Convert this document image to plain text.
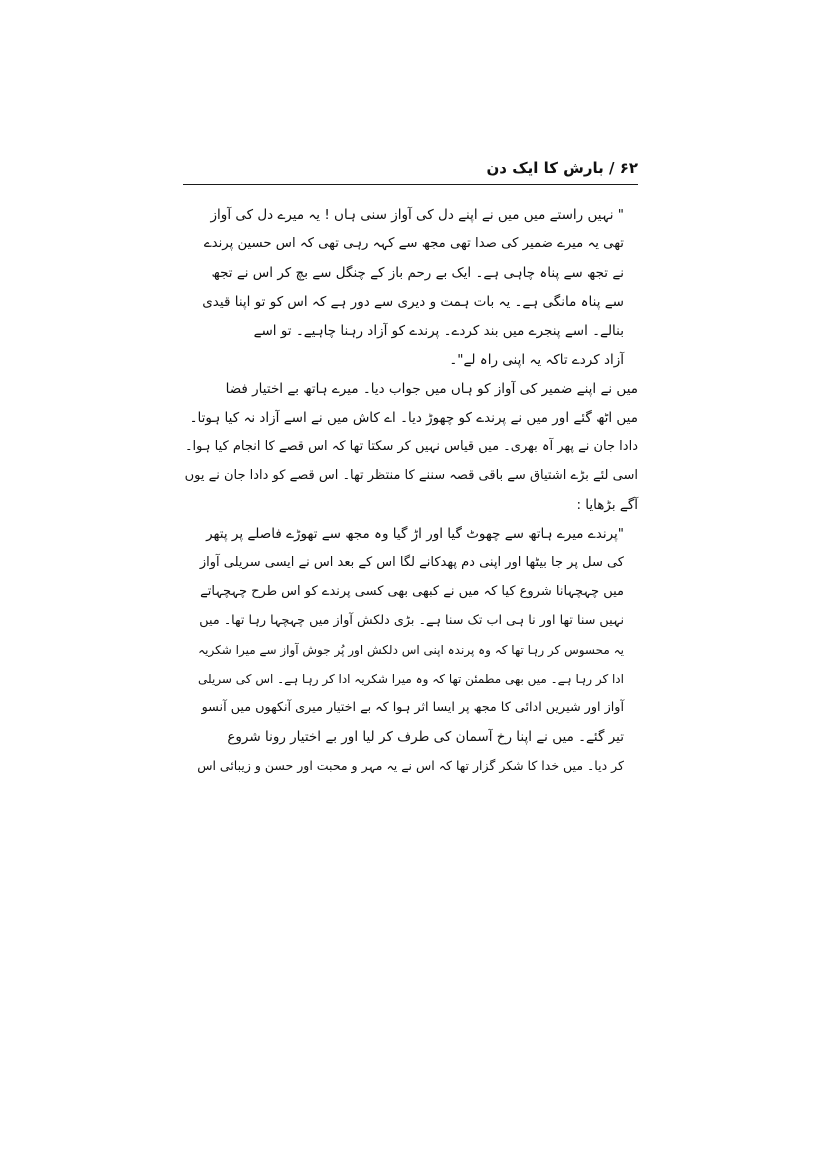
۶۲ / بارش کا ایک دن
" نہیں راستے میں میں نے اپنے دل کی آواز سنی ہاں ! یہ میرے دل کی آواز
تھی یہ میرے ضمیر کی صدا تھی مجھ سے کہہ رہی تھی کہ اس حسین پرندے
نے تجھ سے پناہ چاہی ہے۔ ایک بے رحم باز کے چنگل سے بچ کر اس نے تجھ
سے پناہ مانگی ہے۔ یہ بات ہمت و دیری سے دور ہے کہ اس کو تو اپنا قیدی
بنالے۔ اسے پنجرے میں بند کردے۔ پرندے کو آزاد رہنا چاہیے۔ تو اسے
آزاد کردے تاکہ یہ اپنی راہ لے"۔
میں نے اپنے ضمیر کی آواز کو ہاں میں جواب دیا۔ میرے ہاتھ بے اختیار فضا
میں اٹھ گئے اور میں نے پرندے کو چھوڑ دیا۔ اے کاش میں نے اسے آزاد نہ کیا ہوتا۔
دادا جان نے پھر آہ بھری۔ میں قیاس نہیں کر سکتا تھا کہ اس قصے کا انجام کیا ہوا۔
اسی لئے بڑے اشتیاق سے باقی قصہ سننے کا منتظر تھا۔ اس قصے کو دادا جان نے یوں
آگے بڑھایا :
"پرندے میرے ہاتھ سے چھوٹ گیا اور اڑ گیا وہ مجھ سے تھوڑے فاصلے پر پتھر
کی سل پر جا بیٹھا اور اپنی دم پھدکانے لگا اس کے بعد اس نے ایسی سریلی آواز
میں چہچہانا شروع کیا کہ میں نے کبھی بھی کسی پرندے کو اس طرح چہچہاتے
نہیں سنا تھا اور نا ہی اب تک سنا ہے۔ بڑی دلکش آواز میں چہچہا رہا تھا۔ میں
یہ محسوس کر رہا تھا کہ وہ پرندہ اپنی اس دلکش اور پُر جوش آواز سے میرا شکریہ
ادا کر رہا ہے۔ میں بھی مطمئن تھا کہ وہ میرا شکریہ ادا کر رہا ہے۔ اس کی سریلی
آواز اور شیریں ادائی کا مجھ پر ایسا اثر ہوا کہ بے اختیار میری آنکھوں میں آنسو
تیر گئے۔ میں نے اپنا رخ آسمان کی طرف کر لیا اور بے اختیار رونا شروع
کر دیا۔ میں خدا کا شکر گزار تھا کہ اس نے یہ مہر و محبت اور حسن و زیبائی اس
